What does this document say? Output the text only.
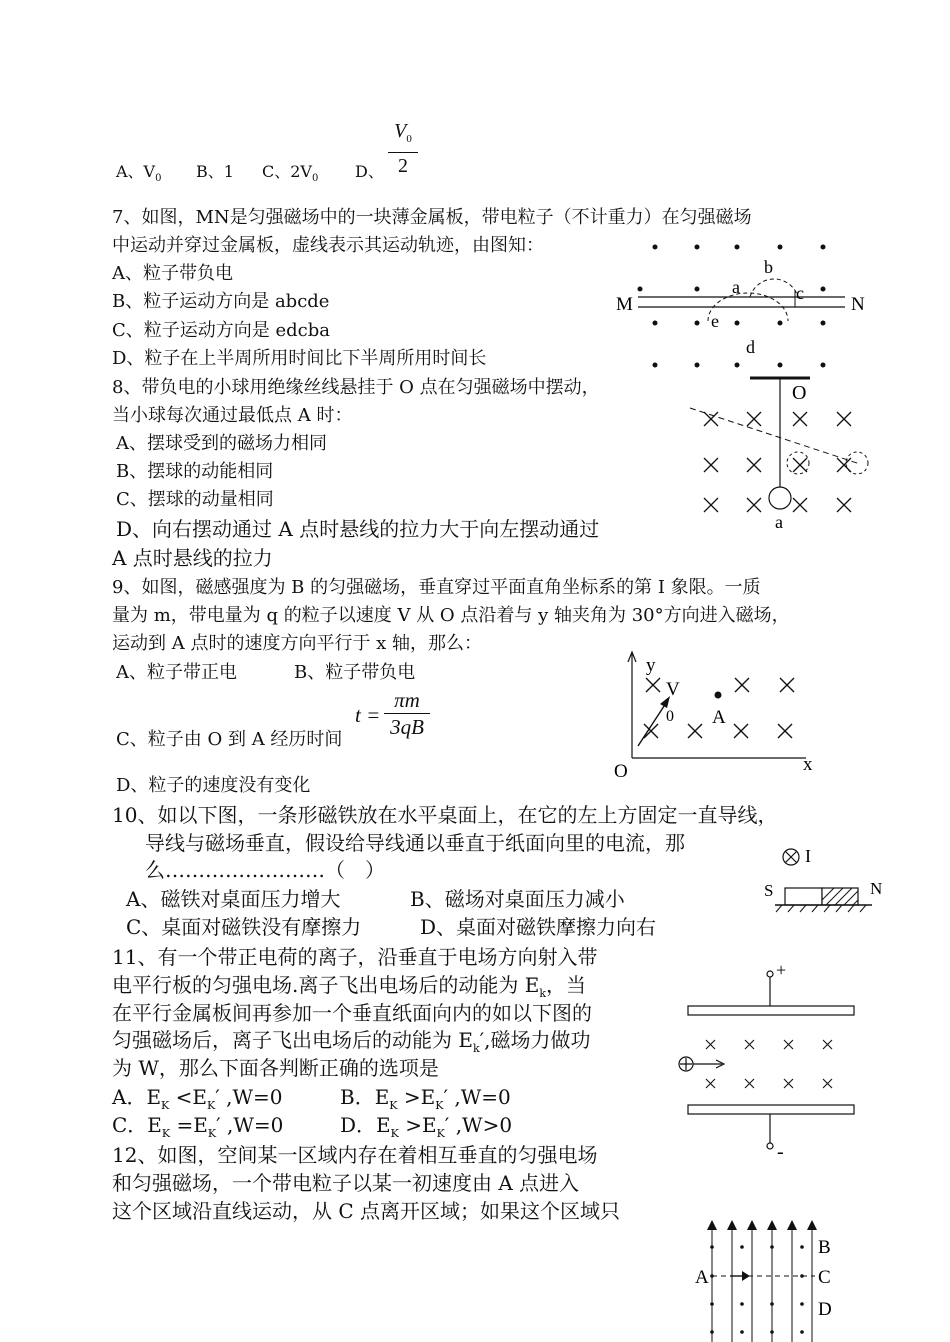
A、$V_0$ B、1 C、$2V_0$ D、 $\frac{V_0}{2}$
7、如图，MN是匀强磁场中的一块薄金属板，带电粒子（不计重力）在匀强磁场
中运动并穿过金属板，虚线表示其运动轨迹，由图知：
A、粒子带负电
B、粒子运动方向是 abcde
C、粒子运动方向是 edcba
D、粒子在上半周所用时间比下半周所用时间长
M	N
a
b
c
d
e
8、带负电的小球用绝缘丝线悬挂于 O 点在匀强磁场中摆动，
当小球每次通过最低点 A 时：
A、摆球受到的磁场力相同
B、摆球的动能相同
C、摆球的动量相同
D、向右摆动通过 A 点时悬线的拉力大于向左摆动通过
A 点时悬线的拉力
O
a
9、如图，磁感强度为 B 的匀强磁场，垂直穿过平面直角坐标系的第 I 象限。一质
量为 m，带电量为 q 的粒子以速度 V 从 O 点沿着与 y 轴夹角为 30°方向进入磁场，
运动到 A 点时的速度方向平行于 x 轴，那么：
A、粒子带正电	B、粒子带负电
C、粒子由 O 到 A 经历时间
$t = \frac{\pi m}{3qB}$
D、粒子的速度没有变化
y
x
O
V
0 A
10、如以下图，一条形磁铁放在水平桌面上，在它的左上方固定一直导线，
导线与磁场垂直，假设给导线通以垂直于纸面向里的电流，那
么……………………（　）
A、磁铁对桌面压力增大	B、磁场对桌面压力减小
C、桌面对磁铁没有摩擦力	D、桌面对磁铁摩擦力向右
I
S	N
11、有一个带正电荷的离子，沿垂直于电场方向射入带
电平行板的匀强电场.离子飞出电场后的动能为 $E_k$，当
在平行金属板间再参加一个垂直纸面向内的如以下图的
匀强磁场后，离子飞出电场后的动能为 $E_k'$,磁场力做功
为 W，那么下面各判断正确的选项是
A．$E_K <E_K'$ ,W=0	B．$E_K >E_K'$ ,W=0
C．$E_K =E_K'$ ,W=0	D．$E_K >E_K'$ ,W>0
+
-
12、如图，空间某一区域内存在着相互垂直的匀强电场
和匀强磁场，一个带电粒子以某一初速度由 A 点进入
这个区域沿直线运动，从 C 点离开区域；如果这个区域只
A
B
C
D
